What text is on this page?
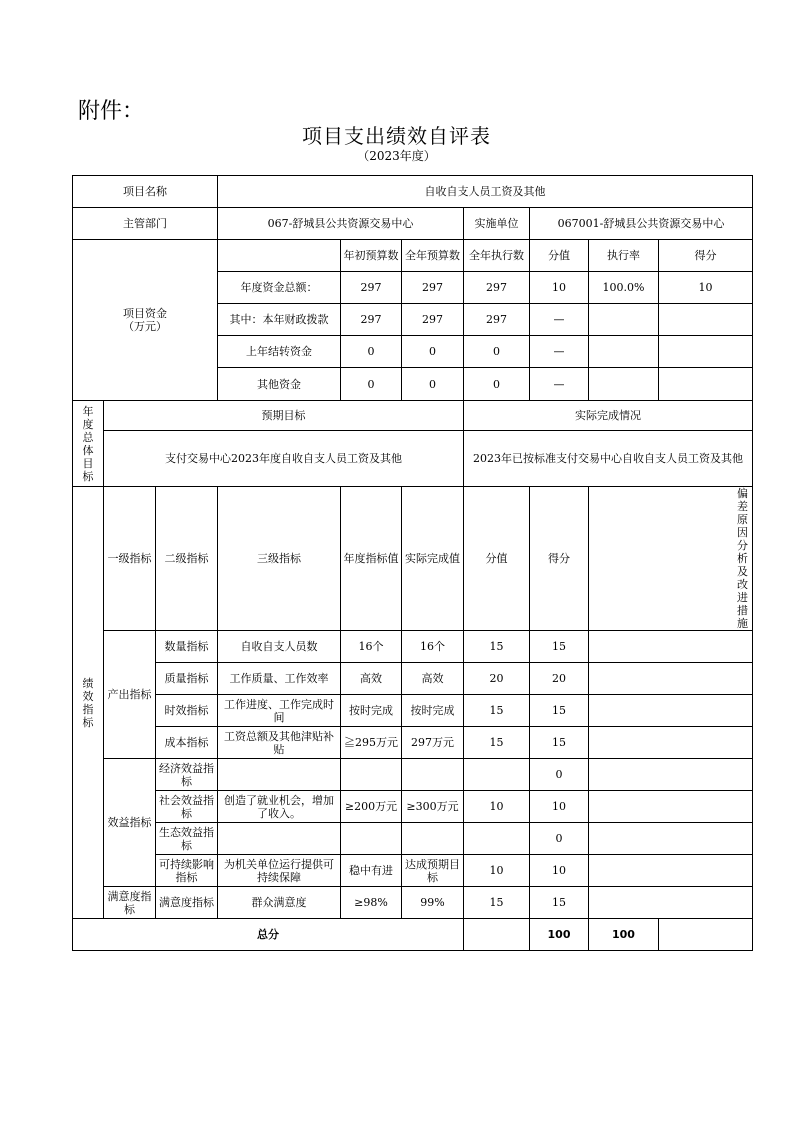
附件：
项目支出绩效自评表
（2023年度）
项目名称			自收自支人员工资及其他						
主管部门			067-舒城县公共资源交易中心			实施单位	067001-舒城县公共资源交易中心		
项目资金
（万元）				年初预算数	全年预算数	全年执行数	分值	执行率	得分
			年度资金总额：	297	297	297	10	100.0%	10
			其中：本年财政拨款	297	297	297	—		
			上年结转资金	0	0	0	—		
			其他资金	0	0	0	—		
年度总体目标	预期目标					实际完成情况			
	支付交易中心2023年度自收自支人员工资及其他					2023年已按标准支付交易中心自收自支人员工资及其他			
绩效指标	一级指标	二级指标	三级指标	年度指标值	实际完成值	分值	得分	偏差原因分析及改进措施	
	产出指标	数量指标	自收自支人员数	16个	16个	15	15		
		质量指标	工作质量、工作效率	高效	高效	20	20		
		时效指标	工作进度、工作完成时间	按时完成	按时完成	15	15		
		成本指标	工资总额及其他津贴补贴	≧295万元	297万元	15	15		
	效益指标	经济效益指标					0		
		社会效益指标	创造了就业机会，增加了收入。	≥200万元	≥300万元	10	10		
		生态效益指标					0		
		可持续影响指标	为机关单位运行提供可持续保障	稳中有进	达成预期目标	10	10		
	满意度指标	满意度指标	群众满意度	≥98%	99%	15	15		
总分							100	100	
